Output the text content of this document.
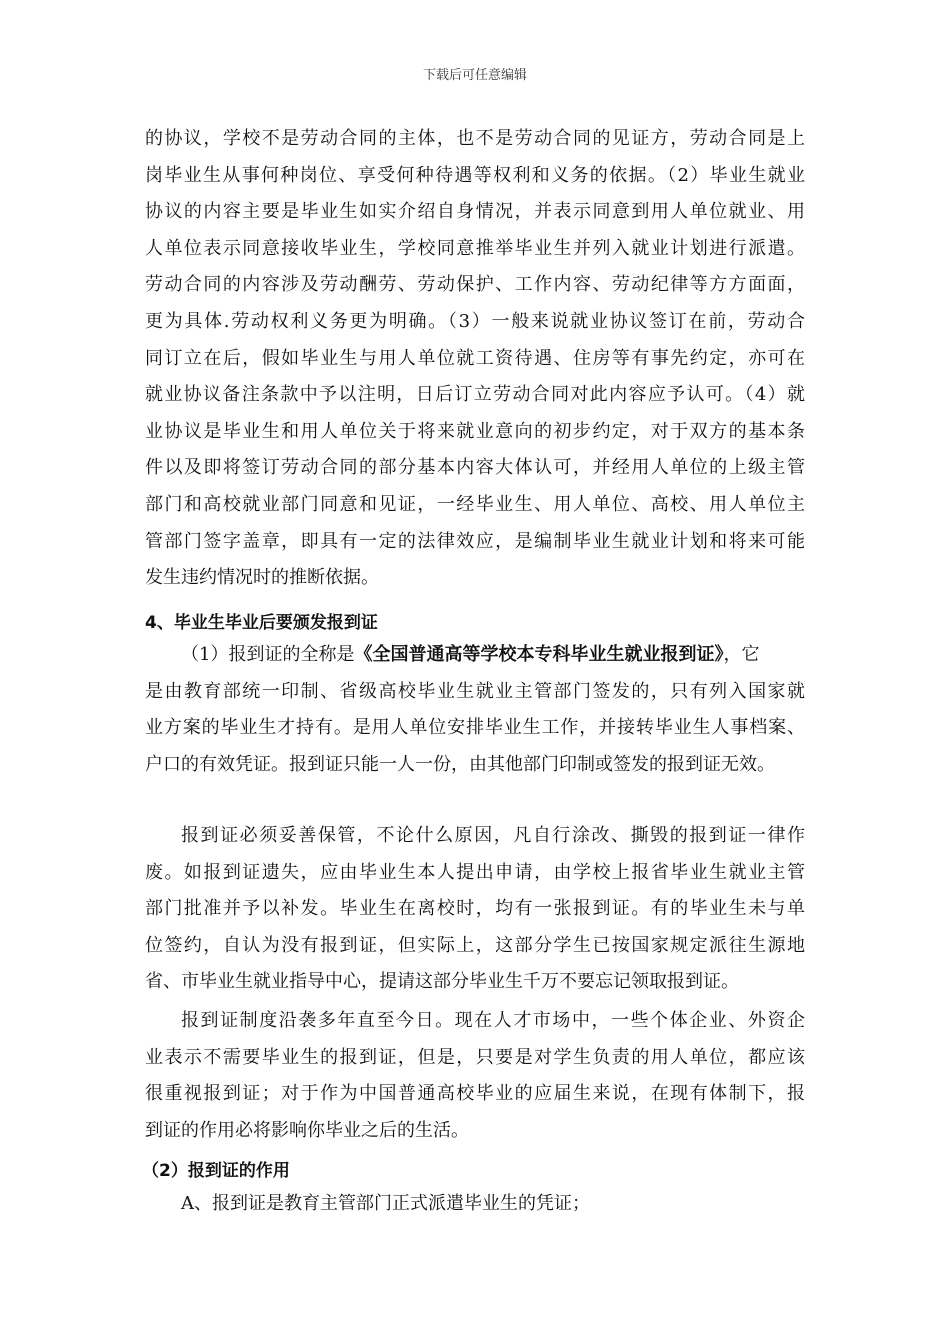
下载后可任意编辑
的协议，学校不是劳动合同的主体，也不是劳动合同的见证方，劳动合同是上
岗毕业生从事何种岗位、享受何种待遇等权利和义务的依据。（2）毕业生就业
协议的内容主要是毕业生如实介绍自身情况，并表示同意到用人单位就业、用
人单位表示同意接收毕业生，学校同意推举毕业生并列入就业计划进行派遣。
劳动合同的内容涉及劳动酬劳、劳动保护、工作内容、劳动纪律等方方面面，
更为具体.劳动权利义务更为明确。（3）一般来说就业协议签订在前，劳动合
同订立在后，假如毕业生与用人单位就工资待遇、住房等有事先约定，亦可在
就业协议备注条款中予以注明，日后订立劳动合同对此内容应予认可。（4）就
业协议是毕业生和用人单位关于将来就业意向的初步约定，对于双方的基本条
件以及即将签订劳动合同的部分基本内容大体认可，并经用人单位的上级主管
部门和高校就业部门同意和见证，一经毕业生、用人单位、高校、用人单位主
管部门签字盖章，即具有一定的法律效应，是编制毕业生就业计划和将来可能
发生违约情况时的推断依据。
4、毕业生毕业后要颁发报到证
（1）报到证的全称是《全国普通高等学校本专科毕业生就业报到证》，它
是由教育部统一印制、省级高校毕业生就业主管部门签发的，只有列入国家就
业方案的毕业生才持有。是用人单位安排毕业生工作，并接转毕业生人事档案、
户口的有效凭证。报到证只能一人一份，由其他部门印制或签发的报到证无效。
报到证必须妥善保管，不论什么原因，凡自行涂改、撕毁的报到证一律作
废。如报到证遗失，应由毕业生本人提出申请，由学校上报省毕业生就业主管
部门批准并予以补发。毕业生在离校时，均有一张报到证。有的毕业生未与单
位签约，自认为没有报到证，但实际上，这部分学生已按国家规定派往生源地
省、市毕业生就业指导中心，提请这部分毕业生千万不要忘记领取报到证。
报到证制度沿袭多年直至今日。现在人才市场中，一些个体企业、外资企
业表示不需要毕业生的报到证，但是，只要是对学生负责的用人单位，都应该
很重视报到证；对于作为中国普通高校毕业的应届生来说，在现有体制下，报
到证的作用必将影响你毕业之后的生活。
（2）报到证的作用
A、报到证是教育主管部门正式派遣毕业生的凭证；
